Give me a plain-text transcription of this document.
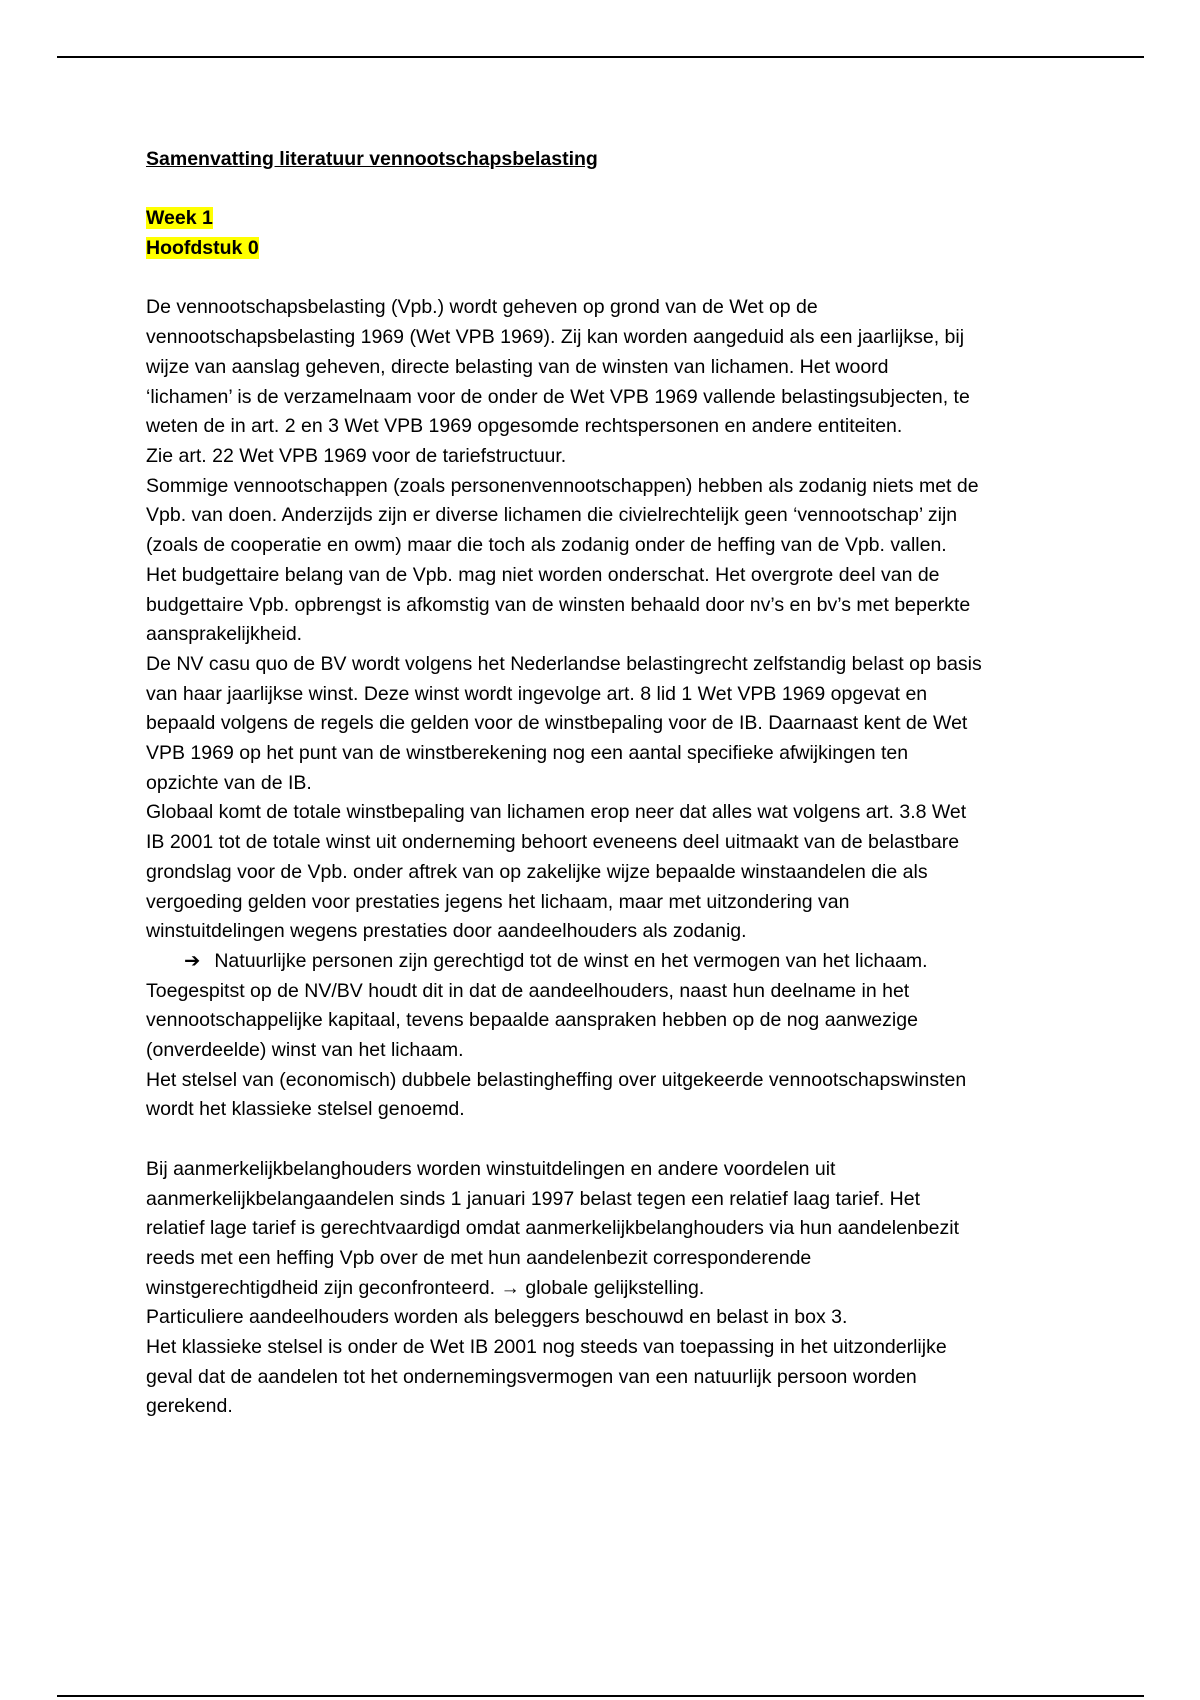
Samenvatting literatuur vennootschapsbelasting

Week 1
Hoofdstuk 0

De vennootschapsbelasting (Vpb.) wordt geheven op grond van de Wet op de
vennootschapsbelasting 1969 (Wet VPB 1969). Zij kan worden aangeduid als een jaarlijkse, bij
wijze van aanslag geheven, directe belasting van de winsten van lichamen. Het woord
‘lichamen’ is de verzamelnaam voor de onder de Wet VPB 1969 vallende belastingsubjecten, te
weten de in art. 2 en 3 Wet VPB 1969 opgesomde rechtspersonen en andere entiteiten.
Zie art. 22 Wet VPB 1969 voor de tariefstructuur.
Sommige vennootschappen (zoals personenvennootschappen) hebben als zodanig niets met de
Vpb. van doen. Anderzijds zijn er diverse lichamen die civielrechtelijk geen ‘vennootschap’ zijn
(zoals de cooperatie en owm) maar die toch als zodanig onder de heffing van de Vpb. vallen.
Het budgettaire belang van de Vpb. mag niet worden onderschat. Het overgrote deel van de
budgettaire Vpb. opbrengst is afkomstig van de winsten behaald door nv’s en bv’s met beperkte
aansprakelijkheid.
De NV casu quo de BV wordt volgens het Nederlandse belastingrecht zelfstandig belast op basis
van haar jaarlijkse winst. Deze winst wordt ingevolge art. 8 lid 1 Wet VPB 1969 opgevat en
bepaald volgens de regels die gelden voor de winstbepaling voor de IB. Daarnaast kent de Wet
VPB 1969 op het punt van de winstberekening nog een aantal specifieke afwijkingen ten
opzichte van de IB.
Globaal komt de totale winstbepaling van lichamen erop neer dat alles wat volgens art. 3.8 Wet
IB 2001 tot de totale winst uit onderneming behoort eveneens deel uitmaakt van de belastbare
grondslag voor de Vpb. onder aftrek van op zakelijke wijze bepaalde winstaandelen die als
vergoeding gelden voor prestaties jegens het lichaam, maar met uitzondering van
winstuitdelingen wegens prestaties door aandeelhouders als zodanig.

➔ Natuurlijke personen zijn gerechtigd tot de winst en het vermogen van het lichaam.

Toegespitst op de NV/BV houdt dit in dat de aandeelhouders, naast hun deelname in het
vennootschappelijke kapitaal, tevens bepaalde aanspraken hebben op de nog aanwezige
(onverdeelde) winst van het lichaam.
Het stelsel van (economisch) dubbele belastingheffing over uitgekeerde vennootschapswinsten
wordt het klassieke stelsel genoemd.

Bij aanmerkelijkbelanghouders worden winstuitdelingen en andere voordelen uit
aanmerkelijkbelangaandelen sinds 1 januari 1997 belast tegen een relatief laag tarief. Het
relatief lage tarief is gerechtvaardigd omdat aanmerkelijkbelanghouders via hun aandelenbezit
reeds met een heffing Vpb over de met hun aandelenbezit corresponderende
winstgerechtigdheid zijn geconfronteerd. → globale gelijkstelling.
Particuliere aandeelhouders worden als beleggers beschouwd en belast in box 3.
Het klassieke stelsel is onder de Wet IB 2001 nog steeds van toepassing in het uitzonderlijke
geval dat de aandelen tot het ondernemingsvermogen van een natuurlijk persoon worden
gerekend.
